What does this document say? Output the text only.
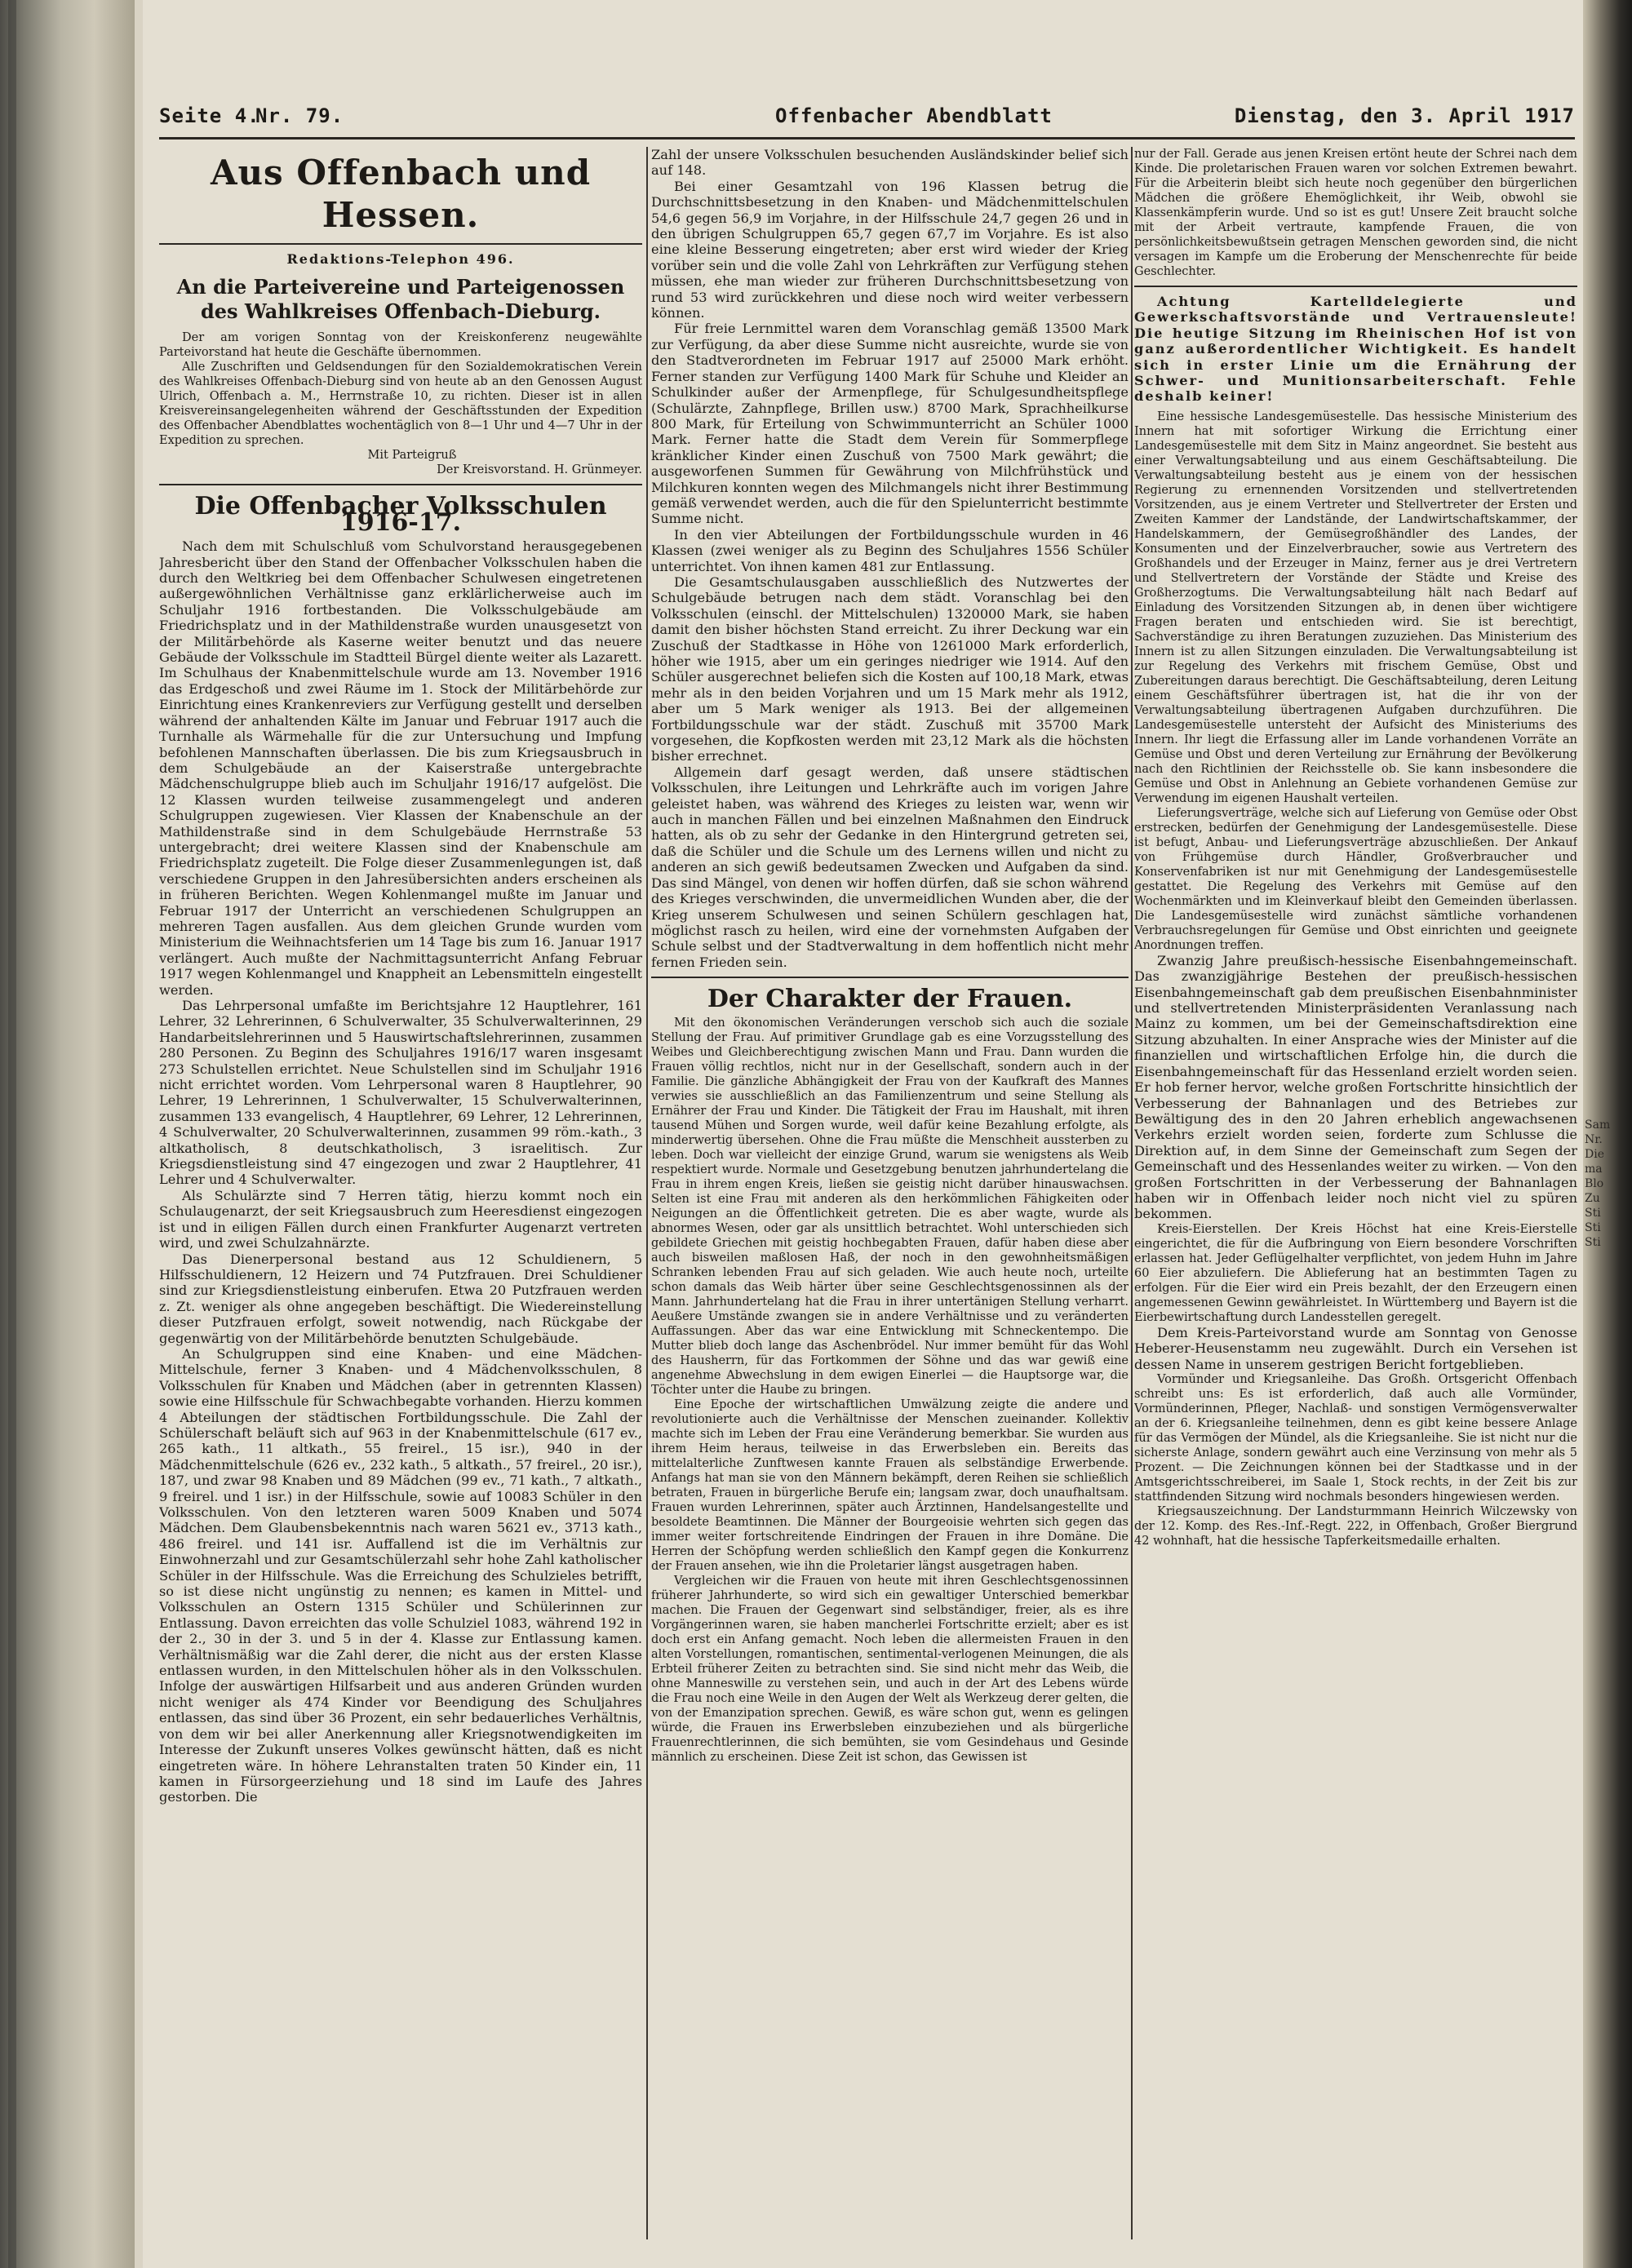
Seite 4.
Nr. 79.	Offenbacher Abendblatt	Dienstag, den 3. April 1917
Aus Offenbach und Hessen.
Redaktions-Telephon 496.
An die Parteivereine und Parteigenossen des Wahlkreises Offenbach-Dieburg.

Der am vorigen Sonntag von der Kreiskonferenz neugewählte Parteivorstand hat heute die Geschäfte übernommen.

Alle Zuschriften und Geldsendungen für den Sozialdemokratischen Verein des Wahlkreises Offenbach-Dieburg sind von heute ab an den Genossen August Ulrich, Offenbach a. M., Herrnstraße 10, zu richten. Dieser ist in allen Kreisvereinsangelegenheiten während der Geschäftsstunden der Expedition des Offenbacher Abendblattes wochentäglich von 8—1 Uhr und 4—7 Uhr in der Expedition zu sprechen.

Mit Parteigruß

Der Kreisvorstand. H. Grünmeyer.

Die Offenbacher Volksschulen 1916-17.

Nach dem mit Schulschluß vom Schulvorstand herausgegebenen Jahresbericht über den Stand der Offenbacher Volksschulen haben die durch den Weltkrieg bei dem Offenbacher Schulwesen eingetretenen außergewöhnlichen Verhältnisse ganz erklärlicherweise auch im Schuljahr 1916 fortbestanden. Die Volksschulgebäude am Friedrichsplatz und in der Mathildenstraße wurden unausgesetzt von der Militärbehörde als Kaserne weiter benutzt und das neuere Gebäude der Volksschule im Stadtteil Bürgel diente weiter als Lazarett. Im Schulhaus der Knabenmittelschule wurde am 13. November 1916 das Erdgeschoß und zwei Räume im 1. Stock der Militärbehörde zur Einrichtung eines Krankenreviers zur Verfügung gestellt und derselben während der anhaltenden Kälte im Januar und Februar 1917 auch die Turnhalle als Wärmehalle für die zur Untersuchung und Impfung befohlenen Mannschaften überlassen. Die bis zum Kriegsausbruch in dem Schulgebäude an der Kaiserstraße untergebrachte Mädchenschulgruppe blieb auch im Schuljahr 1916/17 aufgelöst. Die 12 Klassen wurden teilweise zusammengelegt und anderen Schulgruppen zugewiesen. Vier Klassen der Knabenschule an der Mathildenstraße sind in dem Schulgebäude Herrnstraße 53 untergebracht; drei weitere Klassen sind der Knabenschule am Friedrichsplatz zugeteilt. Die Folge dieser Zusammenlegungen ist, daß verschiedene Gruppen in den Jahresübersichten anders erscheinen als in früheren Berichten. Wegen Kohlenmangel mußte im Januar und Februar 1917 der Unterricht an verschiedenen Schulgruppen an mehreren Tagen ausfallen. Aus dem gleichen Grunde wurden vom Ministerium die Weihnachtsferien um 14 Tage bis zum 16. Januar 1917 verlängert. Auch mußte der Nachmittagsunterricht Anfang Februar 1917 wegen Kohlenmangel und Knappheit an Lebensmitteln eingestellt werden.

Das Lehrpersonal umfaßte im Berichtsjahre 12 Hauptlehrer, 161 Lehrer, 32 Lehrerinnen, 6 Schulverwalter, 35 Schulverwalterinnen, 29 Handarbeitslehrerinnen und 5 Hauswirtschaftslehrerinnen, zusammen 280 Personen. Zu Beginn des Schuljahres 1916/17 waren insgesamt 273 Schulstellen errichtet. Neue Schulstellen sind im Schuljahr 1916 nicht errichtet worden. Vom Lehrpersonal waren 8 Hauptlehrer, 90 Lehrer, 19 Lehrerinnen, 1 Schulverwalter, 15 Schulverwalterinnen, zusammen 133 evangelisch, 4 Hauptlehrer, 69 Lehrer, 12 Lehrerinnen, 4 Schulverwalter, 20 Schulverwalterinnen, zusammen 99 röm.-kath., 3 altkatholisch, 8 deutschkatholisch, 3 israelitisch. Zur Kriegsdienstleistung sind 47 eingezogen und zwar 2 Hauptlehrer, 41 Lehrer und 4 Schulverwalter.

Als Schulärzte sind 7 Herren tätig, hierzu kommt noch ein Schulaugenarzt, der seit Kriegsausbruch zum Heeresdienst eingezogen ist und in eiligen Fällen durch einen Frankfurter Augenarzt vertreten wird, und zwei Schulzahnärzte.

Das Dienerpersonal bestand aus 12 Schuldienern, 5 Hilfsschuldienern, 12 Heizern und 74 Putzfrauen. Drei Schuldiener sind zur Kriegsdienstleistung einberufen. Etwa 20 Putzfrauen werden z. Zt. weniger als ohne angegeben beschäftigt. Die Wiedereinstellung dieser Putzfrauen erfolgt, soweit notwendig, nach Rückgabe der gegenwärtig von der Militärbehörde benutzten Schulgebäude.

An Schulgruppen sind eine Knaben- und eine Mädchen-Mittelschule, ferner 3 Knaben- und 4 Mädchenvolksschulen, 8 Volksschulen für Knaben und Mädchen (aber in getrennten Klassen) sowie eine Hilfsschule für Schwachbegabte vorhanden. Hierzu kommen 4 Abteilungen der städtischen Fortbildungsschule. Die Zahl der Schülerschaft beläuft sich auf 963 in der Knabenmittelschule (617 ev., 265 kath., 11 altkath., 55 freirel., 15 isr.), 940 in der Mädchenmittelschule (626 ev., 232 kath., 5 altkath., 57 freirel., 20 isr.), 187, und zwar 98 Knaben und 89 Mädchen (99 ev., 71 kath., 7 altkath., 9 freirel. und 1 isr.) in der Hilfsschule, sowie auf 10083 Schüler in den Volksschulen. Von den letzteren waren 5009 Knaben und 5074 Mädchen. Dem Glaubensbekenntnis nach waren 5621 ev., 3713 kath., 486 freirel. und 141 isr. Auffallend ist die im Verhältnis zur Einwohnerzahl und zur Gesamtschülerzahl sehr hohe Zahl katholischer Schüler in der Hilfsschule. Was die Erreichung des Schulzieles betrifft, so ist diese nicht ungünstig zu nennen; es kamen in Mittel- und Volksschulen an Ostern 1315 Schüler und Schülerinnen zur Entlassung. Davon erreichten das volle Schulziel 1083, während 192 in der 2., 30 in der 3. und 5 in der 4. Klasse zur Entlassung kamen. Verhältnismäßig war die Zahl derer, die nicht aus der ersten Klasse entlassen wurden, in den Mittelschulen höher als in den Volksschulen. Infolge der auswärtigen Hilfsarbeit und aus anderen Gründen wurden nicht weniger als 474 Kinder vor Beendigung des Schuljahres entlassen, das sind über 36 Prozent, ein sehr bedauerliches Verhältnis, von dem wir bei aller Anerkennung aller Kriegsnotwendigkeiten im Interesse der Zukunft unseres Volkes gewünscht hätten, daß es nicht eingetreten wäre. In höhere Lehranstalten traten 50 Kinder ein, 11 kamen in Fürsorgeerziehung und 18 sind im Laufe des Jahres gestorben. Die

Zahl der unsere Volksschulen besuchenden Ausländskinder belief sich auf 148.

Bei einer Gesamtzahl von 196 Klassen betrug die Durchschnittsbesetzung in den Knaben- und Mädchenmittelschulen 54,6 gegen 56,9 im Vorjahre, in der Hilfsschule 24,7 gegen 26 und in den übrigen Schulgruppen 65,7 gegen 67,7 im Vorjahre. Es ist also eine kleine Besserung eingetreten; aber erst wird wieder der Krieg vorüber sein und die volle Zahl von Lehrkräften zur Verfügung stehen müssen, ehe man wieder zur früheren Durchschnittsbesetzung von rund 53 wird zurückkehren und diese noch wird weiter verbessern können.

Für freie Lernmittel waren dem Voranschlag gemäß 13500 Mark zur Verfügung, da aber diese Summe nicht ausreichte, wurde sie von den Stadtverordneten im Februar 1917 auf 25000 Mark erhöht. Ferner standen zur Verfügung 1400 Mark für Schuhe und Kleider an Schulkinder außer der Armenpflege, für Schulgesundheitspflege (Schulärzte, Zahnpflege, Brillen usw.) 8700 Mark, Sprachheilkurse 800 Mark, für Erteilung von Schwimmunterricht an Schüler 1000 Mark. Ferner hatte die Stadt dem Verein für Sommerpflege kränklicher Kinder einen Zuschuß von 7500 Mark gewährt; die ausgeworfenen Summen für Gewährung von Milchfrühstück und Milchkuren konnten wegen des Milchmangels nicht ihrer Bestimmung gemäß verwendet werden, auch die für den Spielunterricht bestimmte Summe nicht.

In den vier Abteilungen der Fortbildungsschule wurden in 46 Klassen (zwei weniger als zu Beginn des Schuljahres 1556 Schüler unterrichtet. Von ihnen kamen 481 zur Entlassung.

Die Gesamtschulausgaben ausschließlich des Nutzwertes der Schulgebäude betrugen nach dem städt. Voranschlag bei den Volksschulen (einschl. der Mittelschulen) 1320000 Mark, sie haben damit den bisher höchsten Stand erreicht. Zu ihrer Deckung war ein Zuschuß der Stadtkasse in Höhe von 1261000 Mark erforderlich, höher wie 1915, aber um ein geringes niedriger wie 1914. Auf den Schüler ausgerechnet beliefen sich die Kosten auf 100,18 Mark, etwas mehr als in den beiden Vorjahren und um 15 Mark mehr als 1912, aber um 5 Mark weniger als 1913. Bei der allgemeinen Fortbildungsschule war der städt. Zuschuß mit 35700 Mark vorgesehen, die Kopfkosten werden mit 23,12 Mark als die höchsten bisher errechnet.

Allgemein darf gesagt werden, daß unsere städtischen Volksschulen, ihre Leitungen und Lehrkräfte auch im vorigen Jahre geleistet haben, was während des Krieges zu leisten war, wenn wir auch in manchen Fällen und bei einzelnen Maßnahmen den Eindruck hatten, als ob zu sehr der Gedanke in den Hintergrund getreten sei, daß die Schüler und die Schule um des Lernens willen und nicht zu anderen an sich gewiß bedeutsamen Zwecken und Aufgaben da sind. Das sind Mängel, von denen wir hoffen dürfen, daß sie schon während des Krieges verschwinden, die unvermeidlichen Wunden aber, die der Krieg unserem Schulwesen und seinen Schülern geschlagen hat, möglichst rasch zu heilen, wird eine der vornehmsten Aufgaben der Schule selbst und der Stadtverwaltung in dem hoffentlich nicht mehr fernen Frieden sein.

Der Charakter der Frauen.

Mit den ökonomischen Veränderungen verschob sich auch die soziale Stellung der Frau. Auf primitiver Grundlage gab es eine Vorzugsstellung des Weibes und Gleichberechtigung zwischen Mann und Frau. Dann wurden die Frauen völlig rechtlos, nicht nur in der Gesellschaft, sondern auch in der Familie. Die gänzliche Abhängigkeit der Frau von der Kaufkraft des Mannes verwies sie ausschließlich an das Familienzentrum und seine Stellung als Ernährer der Frau und Kinder. Die Tätigkeit der Frau im Haushalt, mit ihren tausend Mühen und Sorgen wurde, weil dafür keine Bezahlung erfolgte, als minderwertig übersehen. Ohne die Frau müßte die Menschheit aussterben zu leben. Doch war vielleicht der einzige Grund, warum sie wenigstens als Weib respektiert wurde. Normale und Gesetzgebung benutzen jahrhundertelang die Frau in ihrem engen Kreis, ließen sie geistig nicht darüber hinauswachsen. Selten ist eine Frau mit anderen als den herkömmlichen Fähigkeiten oder Neigungen an die Öffentlichkeit getreten. Die es aber wagte, wurde als abnormes Wesen, oder gar als unsittlich betrachtet. Wohl unterschieden sich gebildete Griechen mit geistig hochbegabten Frauen, dafür haben diese aber auch bisweilen maßlosen Haß, der noch in den gewohnheitsmäßigen Schranken lebenden Frau auf sich geladen. Wie auch heute noch, urteilte schon damals das Weib härter über seine Geschlechtsgenossinnen als der Mann. Jahrhundertelang hat die Frau in ihrer untertänigen Stellung verharrt. Aeußere Umstände zwangen sie in andere Verhältnisse und zu veränderten Auffassungen. Aber das war eine Entwicklung mit Schneckentempo. Die Mutter blieb doch lange das Aschenbrödel. Nur immer bemüht für das Wohl des Hausherrn, für das Fortkommen der Söhne und das war gewiß eine angenehme Abwechslung in dem ewigen Einerlei — die Hauptsorge war, die Töchter unter die Haube zu bringen.

Eine Epoche der wirtschaftlichen Umwälzung zeigte die andere und revolutionierte auch die Verhältnisse der Menschen zueinander. Kollektiv machte sich im Leben der Frau eine Veränderung bemerkbar. Sie wurden aus ihrem Heim heraus, teilweise in das Erwerbsleben ein. Bereits das mittelalterliche Zunftwesen kannte Frauen als selbständige Erwerbende. Anfangs hat man sie von den Männern bekämpft, deren Reihen sie schließlich betraten, Frauen in bürgerliche Berufe ein; langsam zwar, doch unaufhaltsam. Frauen wurden Lehrerinnen, später auch Ärztinnen, Handelsangestellte und besoldete Beamtinnen. Die Männer der Bourgeoisie wehrten sich gegen das immer weiter fortschreitende Eindringen der Frauen in ihre Domäne. Die Herren der Schöpfung werden schließlich den Kampf gegen die Konkurrenz der Frauen ansehen, wie ihn die Proletarier längst ausgetragen haben.

Vergleichen wir die Frauen von heute mit ihren Geschlechtsgenossinnen früherer Jahrhunderte, so wird sich ein gewaltiger Unterschied bemerkbar machen. Die Frauen der Gegenwart sind selbständiger, freier, als es ihre Vorgängerinnen waren, sie haben mancherlei Fortschritte erzielt; aber es ist doch erst ein Anfang gemacht. Noch leben die allermeisten Frauen in den alten Vorstellungen, romantischen, sentimental-verlogenen Meinungen, die als Erbteil früherer Zeiten zu betrachten sind. Sie sind nicht mehr das Weib, die ohne Manneswille zu verstehen sein, und auch in der Art des Lebens würde die Frau noch eine Weile in den Augen der Welt als Werkzeug derer gelten, die von der Emanzipation sprechen. Gewiß, es wäre schon gut, wenn es gelingen würde, die Frauen ins Erwerbsleben einzubeziehen und als bürgerliche Frauenrechtlerinnen, die sich bemühten, sie vom Gesindehaus und Gesinde männlich zu erscheinen. Diese Zeit ist schon, das Gewissen ist

nur der Fall. Gerade aus jenen Kreisen ertönt heute der Schrei nach dem Kinde. Die proletarischen Frauen waren vor solchen Extremen bewahrt. Für die Arbeiterin bleibt sich heute noch gegenüber den bürgerlichen Mädchen die größere Ehemöglichkeit, ihr Weib, obwohl sie Klassenkämpferin wurde. Und so ist es gut! Unsere Zeit braucht solche mit der Arbeit vertraute, kampfende Frauen, die von persönlichkeitsbewußtsein getragen Menschen geworden sind, die nicht versagen im Kampfe um die Eroberung der Menschenrechte für beide Geschlechter.

Achtung Kartelldelegierte und Gewerkschaftsvorstände und Vertrauensleute! Die heutige Sitzung im Rheinischen Hof ist von ganz außerordentlicher Wichtigkeit. Es handelt sich in erster Linie um die Ernährung der Schwer- und Munitionsarbeiterschaft. Fehle deshalb keiner!

Eine hessische Landesgemüsestelle. Das hessische Ministerium des Innern hat mit sofortiger Wirkung die Errichtung einer Landesgemüsestelle mit dem Sitz in Mainz angeordnet. Sie besteht aus einer Verwaltungsabteilung und aus einem Geschäftsabteilung. Die Verwaltungsabteilung besteht aus je einem von der hessischen Regierung zu ernennenden Vorsitzenden und stellvertretenden Vorsitzenden, aus je einem Vertreter und Stellvertreter der Ersten und Zweiten Kammer der Landstände, der Landwirtschaftskammer, der Handelskammern, der Gemüsegroßhändler des Landes, der Konsumenten und der Einzelverbraucher, sowie aus Vertretern des Großhandels und der Erzeuger in Mainz, ferner aus je drei Vertretern und Stellvertretern der Vorstände der Städte und Kreise des Großherzogtums. Die Verwaltungsabteilung hält nach Bedarf auf Einladung des Vorsitzenden Sitzungen ab, in denen über wichtigere Fragen beraten und entschieden wird. Sie ist berechtigt, Sachverständige zu ihren Beratungen zuzuziehen. Das Ministerium des Innern ist zu allen Sitzungen einzuladen. Die Verwaltungsabteilung ist zur Regelung des Verkehrs mit frischem Gemüse, Obst und Zubereitungen daraus berechtigt. Die Geschäftsabteilung, deren Leitung einem Geschäftsführer übertragen ist, hat die ihr von der Verwaltungsabteilung übertragenen Aufgaben durchzuführen. Die Landesgemüsestelle untersteht der Aufsicht des Ministeriums des Innern. Ihr liegt die Erfassung aller im Lande vorhandenen Vorräte an Gemüse und Obst und deren Verteilung zur Ernährung der Bevölkerung nach den Richtlinien der Reichsstelle ob. Sie kann insbesondere die Gemüse und Obst in Anlehnung an Gebiete vorhandenen Gemüse zur Verwendung im eigenen Haushalt verteilen.

Lieferungsverträge, welche sich auf Lieferung von Gemüse oder Obst erstrecken, bedürfen der Genehmigung der Landesgemüsestelle. Diese ist befugt, Anbau- und Lieferungsverträge abzuschließen. Der Ankauf von Frühgemüse durch Händler, Großverbraucher und Konservenfabriken ist nur mit Genehmigung der Landesgemüsestelle gestattet. Die Regelung des Verkehrs mit Gemüse auf den Wochenmärkten und im Kleinverkauf bleibt den Gemeinden überlassen. Die Landesgemüsestelle wird zunächst sämtliche vorhandenen Verbrauchsregelungen für Gemüse und Obst einrichten und geeignete Anordnungen treffen.

Zwanzig Jahre preußisch-hessische Eisenbahngemeinschaft. Das zwanzigjährige Bestehen der preußisch-hessischen Eisenbahngemeinschaft gab dem preußischen Eisenbahnminister und stellvertretenden Ministerpräsidenten Veranlassung nach Mainz zu kommen, um bei der Gemeinschaftsdirektion eine Sitzung abzuhalten. In einer Ansprache wies der Minister auf die finanziellen und wirtschaftlichen Erfolge hin, die durch die Eisenbahngemeinschaft für das Hessenland erzielt worden seien. Er hob ferner hervor, welche großen Fortschritte hinsichtlich der Verbesserung der Bahnanlagen und des Betriebes zur Bewältigung des in den 20 Jahren erheblich angewachsenen Verkehrs erzielt worden seien, forderte zum Schlusse die Direktion auf, in dem Sinne der Gemeinschaft zum Segen der Gemeinschaft und des Hessenlandes weiter zu wirken. — Von den großen Fortschritten in der Verbesserung der Bahnanlagen haben wir in Offenbach leider noch nicht viel zu spüren bekommen.

Kreis-Eierstellen. Der Kreis Höchst hat eine Kreis-Eierstelle eingerichtet, die für die Aufbringung von Eiern besondere Vorschriften erlassen hat. Jeder Geflügelhalter verpflichtet, von jedem Huhn im Jahre 60 Eier abzuliefern. Die Ablieferung hat an bestimmten Tagen zu erfolgen. Für die Eier wird ein Preis bezahlt, der den Erzeugern einen angemessenen Gewinn gewährleistet. In Württemberg und Bayern ist die Eierbewirtschaftung durch Landesstellen geregelt.

Dem Kreis-Parteivorstand wurde am Sonntag von Genosse Heberer-Heusenstamm neu zugewählt. Durch ein Versehen ist dessen Name in unserem gestrigen Bericht fortgeblieben.

Vormünder und Kriegsanleihe. Das Großh. Ortsgericht Offenbach schreibt uns: Es ist erforderlich, daß auch alle Vormünder, Vormünderinnen, Pfleger, Nachlaß- und sonstigen Vermögensverwalter an der 6. Kriegsanleihe teilnehmen, denn es gibt keine bessere Anlage für das Vermögen der Mündel, als die Kriegsanleihe. Sie ist nicht nur die sicherste Anlage, sondern gewährt auch eine Verzinsung von mehr als 5 Prozent. — Die Zeichnungen können bei der Stadtkasse und in der Amtsgerichtsschreiberei, im Saale 1, Stock rechts, in der Zeit bis zur stattfindenden Sitzung wird nochmals besonders hingewiesen werden.

Kriegsauszeichnung. Der Landsturmmann Heinrich Wilczewsky von der 12. Komp. des Res.-Inf.-Regt. 222, in Offenbach, Großer Biergrund 42 wohnhaft, hat die hessische Tapferkeitsmedaille erhalten.

Sam
Nr.
Die
ma
Blo
Zu
Sti
Sti
Sti
